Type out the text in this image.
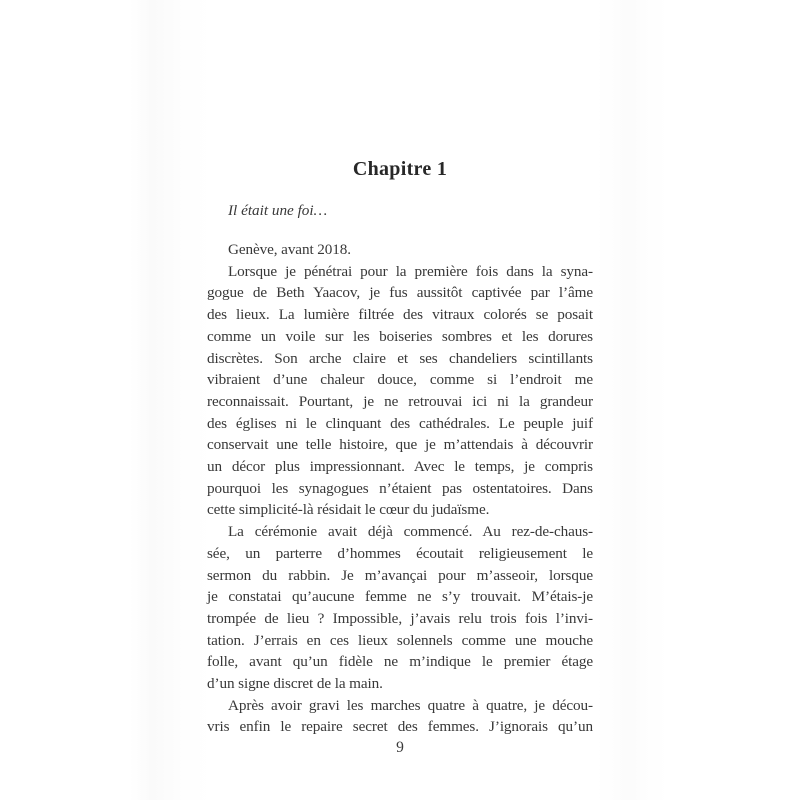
Chapitre 1
Il était une foi…
Genève, avant 2018.
Lorsque je pénétrai pour la première fois dans la syna-
gogue de Beth Yaacov, je fus aussitôt captivée par l’âme
des lieux. La lumière filtrée des vitraux colorés se posait
comme un voile sur les boiseries sombres et les dorures
discrètes. Son arche claire et ses chandeliers scintillants
vibraient d’une chaleur douce, comme si l’endroit me
reconnaissait. Pourtant, je ne retrouvai ici ni la grandeur
des églises ni le clinquant des cathédrales. Le peuple juif
conservait une telle histoire, que je m’attendais à découvrir
un décor plus impressionnant. Avec le temps, je compris
pourquoi les synagogues n’étaient pas ostentatoires. Dans
cette simplicité-là résidait le cœur du judaïsme.
La cérémonie avait déjà commencé. Au rez-de-chaus-
sée, un parterre d’hommes écoutait religieusement le
sermon du rabbin. Je m’avançai pour m’asseoir, lorsque
je constatai qu’aucune femme ne s’y trouvait. M’étais-je
trompée de lieu ? Impossible, j’avais relu trois fois l’invi-
tation. J’errais en ces lieux solennels comme une mouche
folle, avant qu’un fidèle ne m’indique le premier étage
d’un signe discret de la main.
Après avoir gravi les marches quatre à quatre, je décou-
vris enfin le repaire secret des femmes. J’ignorais qu’un
9
